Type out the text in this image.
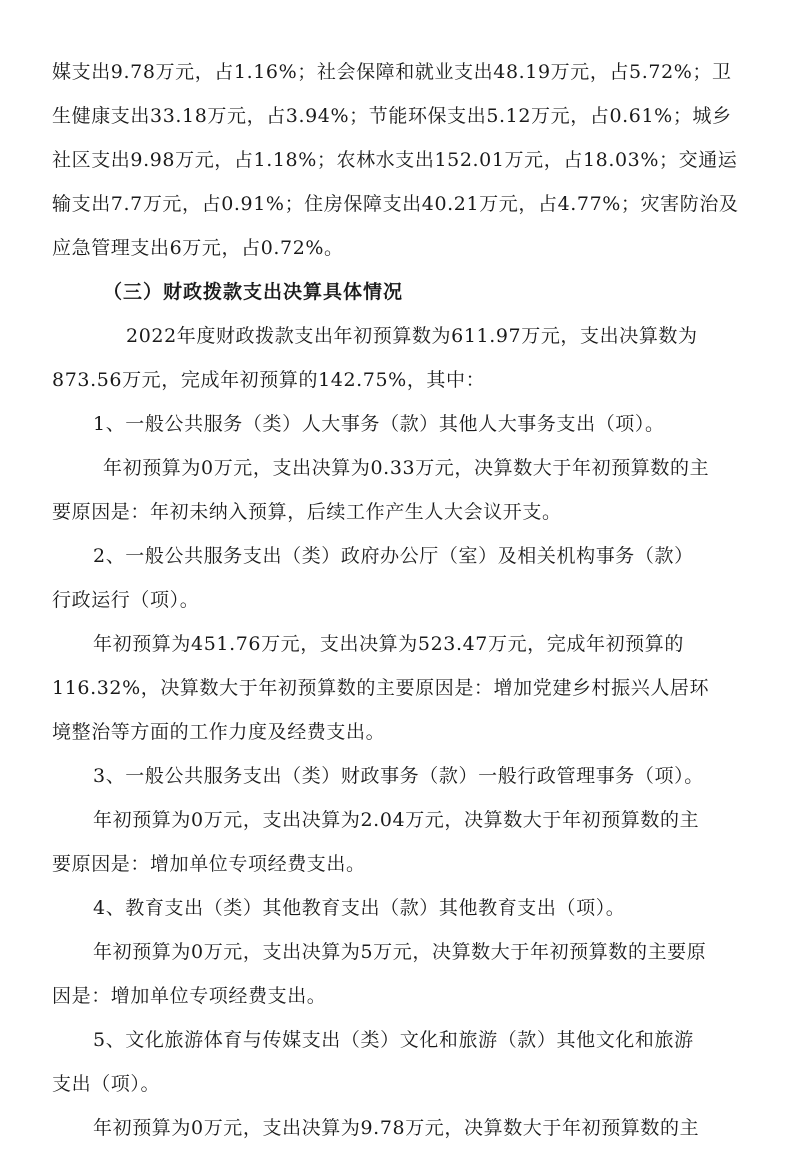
媒支出9.78万元，占1.16%；社会保障和就业支出48.19万元，占5.72%；卫
生健康支出33.18万元，占3.94%；节能环保支出5.12万元，占0.61%；城乡
社区支出9.98万元，占1.18%；农林水支出152.01万元，占18.03%；交通运
输支出7.7万元，占0.91%；住房保障支出40.21万元，占4.77%；灾害防治及
应急管理支出6万元，占0.72%。
（三）财政拨款支出决算具体情况
2022年度财政拨款支出年初预算数为611.97万元，支出决算数为
873.56万元，完成年初预算的142.75%，其中：
1、一般公共服务（类）人大事务（款）其他人大事务支出（项）。
年初预算为0万元，支出决算为0.33万元，决算数大于年初预算数的主
要原因是：年初未纳入预算，后续工作产生人大会议开支。
2、一般公共服务支出（类）政府办公厅（室）及相关机构事务（款）
行政运行（项）。
年初预算为451.76万元，支出决算为523.47万元，完成年初预算的
116.32%，决算数大于年初预算数的主要原因是：增加党建乡村振兴人居环
境整治等方面的工作力度及经费支出。
3、一般公共服务支出（类）财政事务（款）一般行政管理事务（项）。
年初预算为0万元，支出决算为2.04万元，决算数大于年初预算数的主
要原因是：增加单位专项经费支出。
4、教育支出（类）其他教育支出（款）其他教育支出（项）。
年初预算为0万元，支出决算为5万元，决算数大于年初预算数的主要原
因是：增加单位专项经费支出。
5、文化旅游体育与传媒支出（类）文化和旅游（款）其他文化和旅游
支出（项）。
年初预算为0万元，支出决算为9.78万元，决算数大于年初预算数的主
